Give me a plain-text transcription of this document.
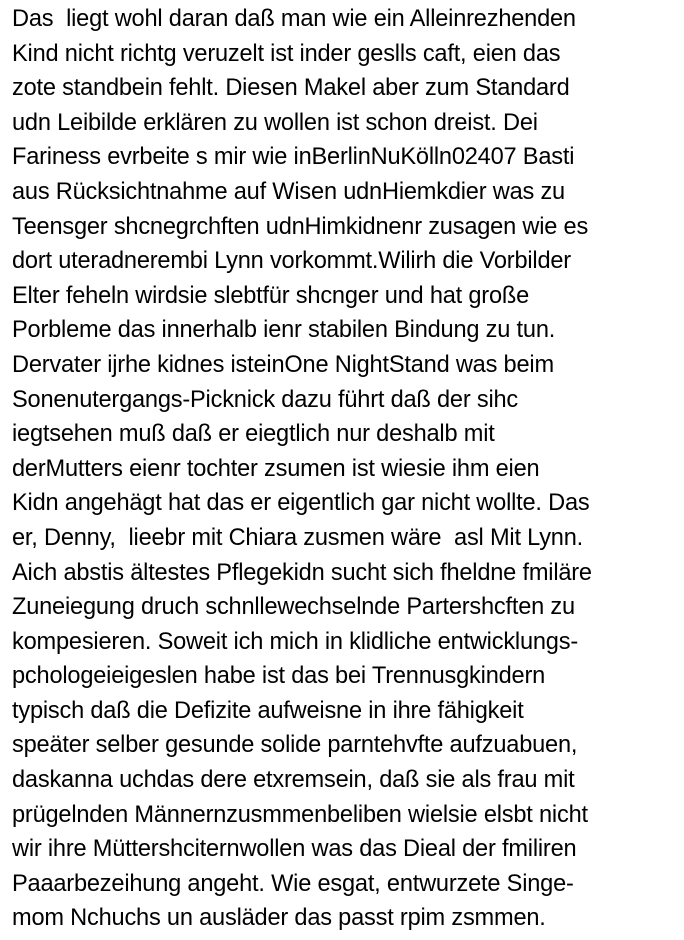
Das  liegt wohl daran daß man wie ein Alleinrezhenden
Kind nicht richtg veruzelt ist inder geslls caft, eien das
zote standbein fehlt. Diesen Makel aber zum Standard
udn Leibilde erklären zu wollen ist schon dreist. Dei
Fariness evrbeite s mir wie inBerlinNuKölln02407 Basti
aus Rücksichtnahme auf Wisen udnHiemkdier was zu
Teensger shcnegrchften udnHimkidnenr zusagen wie es
dort uteradnerembi Lynn vorkommt.Wilirh die Vorbilder
Elter feheln wirdsie slebtfür shcnger und hat große
Porbleme das innerhalb ienr stabilen Bindung zu tun.
Dervater ijrhe kidnes isteinOne NightStand was beim
Sonenutergangs-Picknick dazu führt daß der sihc
iegtsehen muß daß er eiegtlich nur deshalb mit
derMutters eienr tochter zsumen ist wiesie ihm eien
Kidn angehägt hat das er eigentlich gar nicht wollte. Das
er, Denny,  lieebr mit Chiara zusmen wäre  asl Mit Lynn.
Aich abstis ältestes Pflegekidn sucht sich fheldne fmiläre
Zuneiegung druch schnllewechselnde Partershcften zu
kompesieren. Soweit ich mich in klidliche entwicklungs-
pchologeieigeslen habe ist das bei Trennusgkindern
typisch daß die Defizite aufweisne in ihre fähigkeit
speäter selber gesunde solide parntehvfte aufzuabuen,
daskanna uchdas dere etxremsein, daß sie als frau mit
prügelnden Männernzusmmenbeliben wielsie elsbt nicht
wir ihre Müttershciternwollen was das Dieal der fmiliren
Paaarbezeihung angeht. Wie esgat, entwurzete Singe-
mom Nchuchs un ausläder das passt rpim zsmmen.
